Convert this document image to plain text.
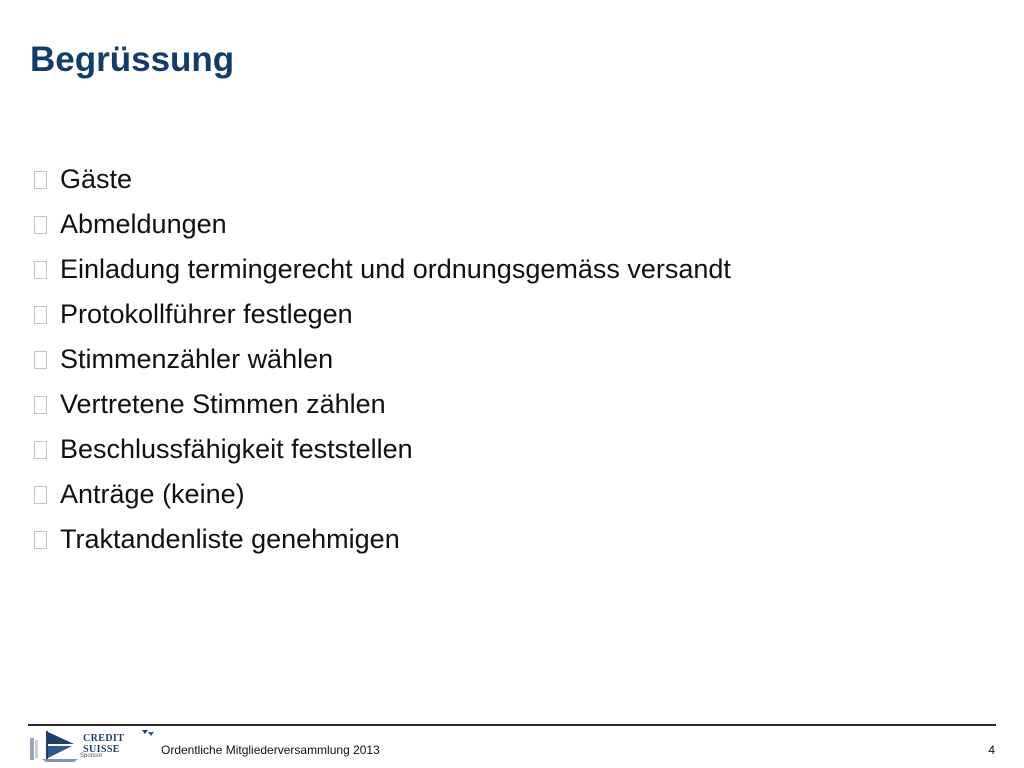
Begrüssung
Gäste
Abmeldungen
Einladung termingerecht und ordnungsgemäss versandt
Protokollführer festlegen
Stimmenzähler wählen
Vertretene Stimmen zählen
Beschlussfähigkeit feststellen
Anträge (keine)
Traktandenliste genehmigen
CREDIT SUISSE
Sponsor	Ordentliche Mitgliederversammlung 2013	4
